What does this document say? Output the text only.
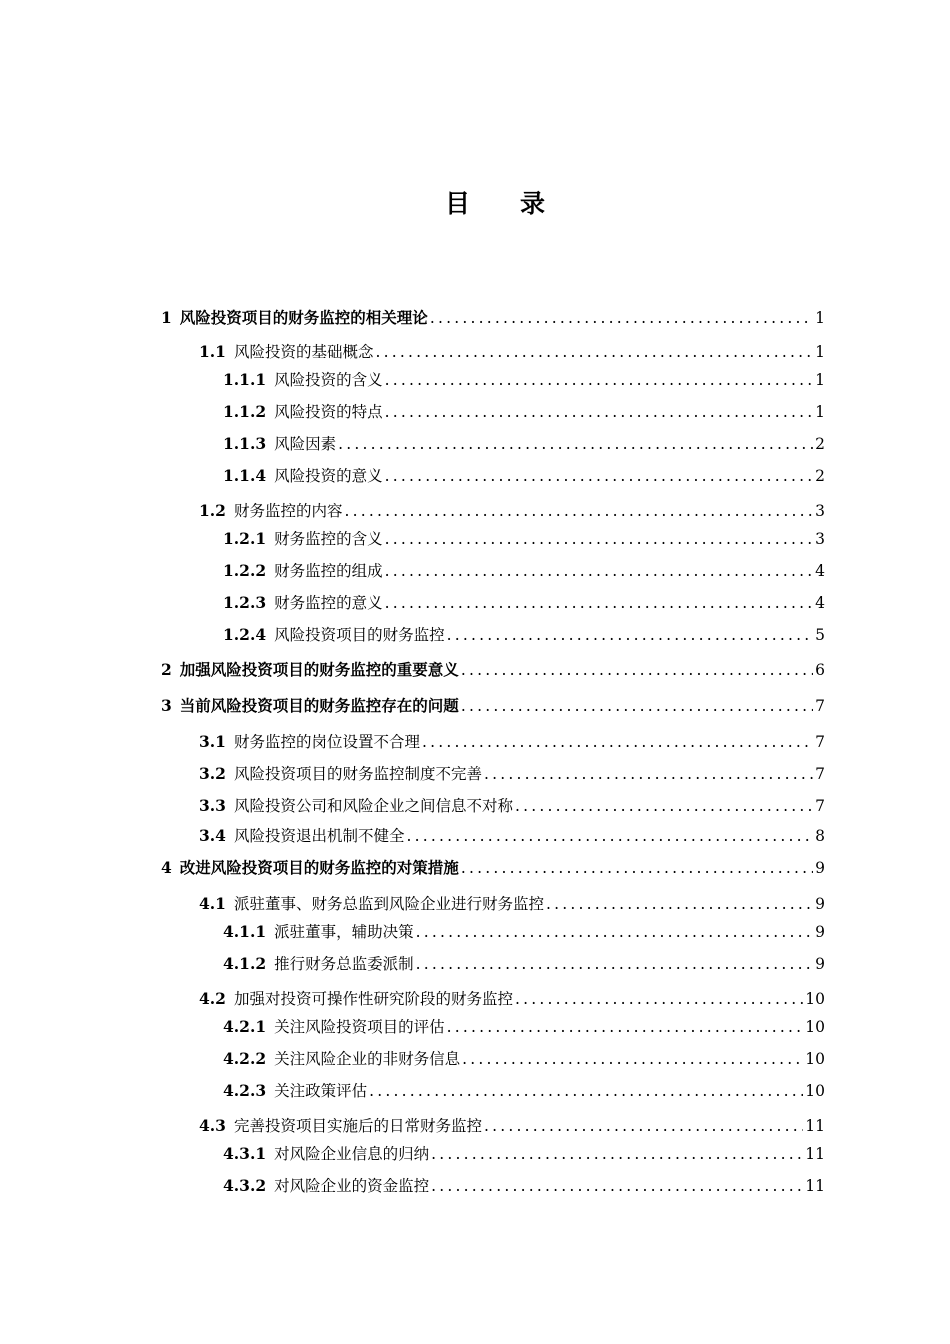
目 录
1 风险投资项目的财务监控的相关理论 .....	1
1.1 风险投资的基础概念 .....	1
1.1.1 风险投资的含义 .....	1
1.1.2 风险投资的特点 .....	1
1.1.3 风险因素 .....	2
1.1.4 风险投资的意义 .....	2
1.2 财务监控的内容 .....	3
1.2.1 财务监控的含义 .....	3
1.2.2 财务监控的组成 .....	4
1.2.3 财务监控的意义 .....	4
1.2.4 风险投资项目的财务监控 .....	5
2 加强风险投资项目的财务监控的重要意义 .....	6
3 当前风险投资项目的财务监控存在的问题 .....	7
3.1 财务监控的岗位设置不合理 .....	7
3.2 风险投资项目的财务监控制度不完善 .....	7
3.3 风险投资公司和风险企业之间信息不对称 .....	7
3.4 风险投资退出机制不健全 .....	8
4 改进风险投资项目的财务监控的对策措施 .....	9
4.1 派驻董事、财务总监到风险企业进行财务监控 .....	9
4.1.1 派驻董事，辅助决策 .....	9
4.1.2 推行财务总监委派制 .....	9
4.2 加强对投资可操作性研究阶段的财务监控 .....	10
4.2.1 关注风险投资项目的评估 .....	10
4.2.2 关注风险企业的非财务信息 .....	10
4.2.3 关注政策评估 .....	10
4.3 完善投资项目实施后的日常财务监控 .....	11
4.3.1 对风险企业信息的归纳 .....	11
4.3.2 对风险企业的资金监控 .....	11
